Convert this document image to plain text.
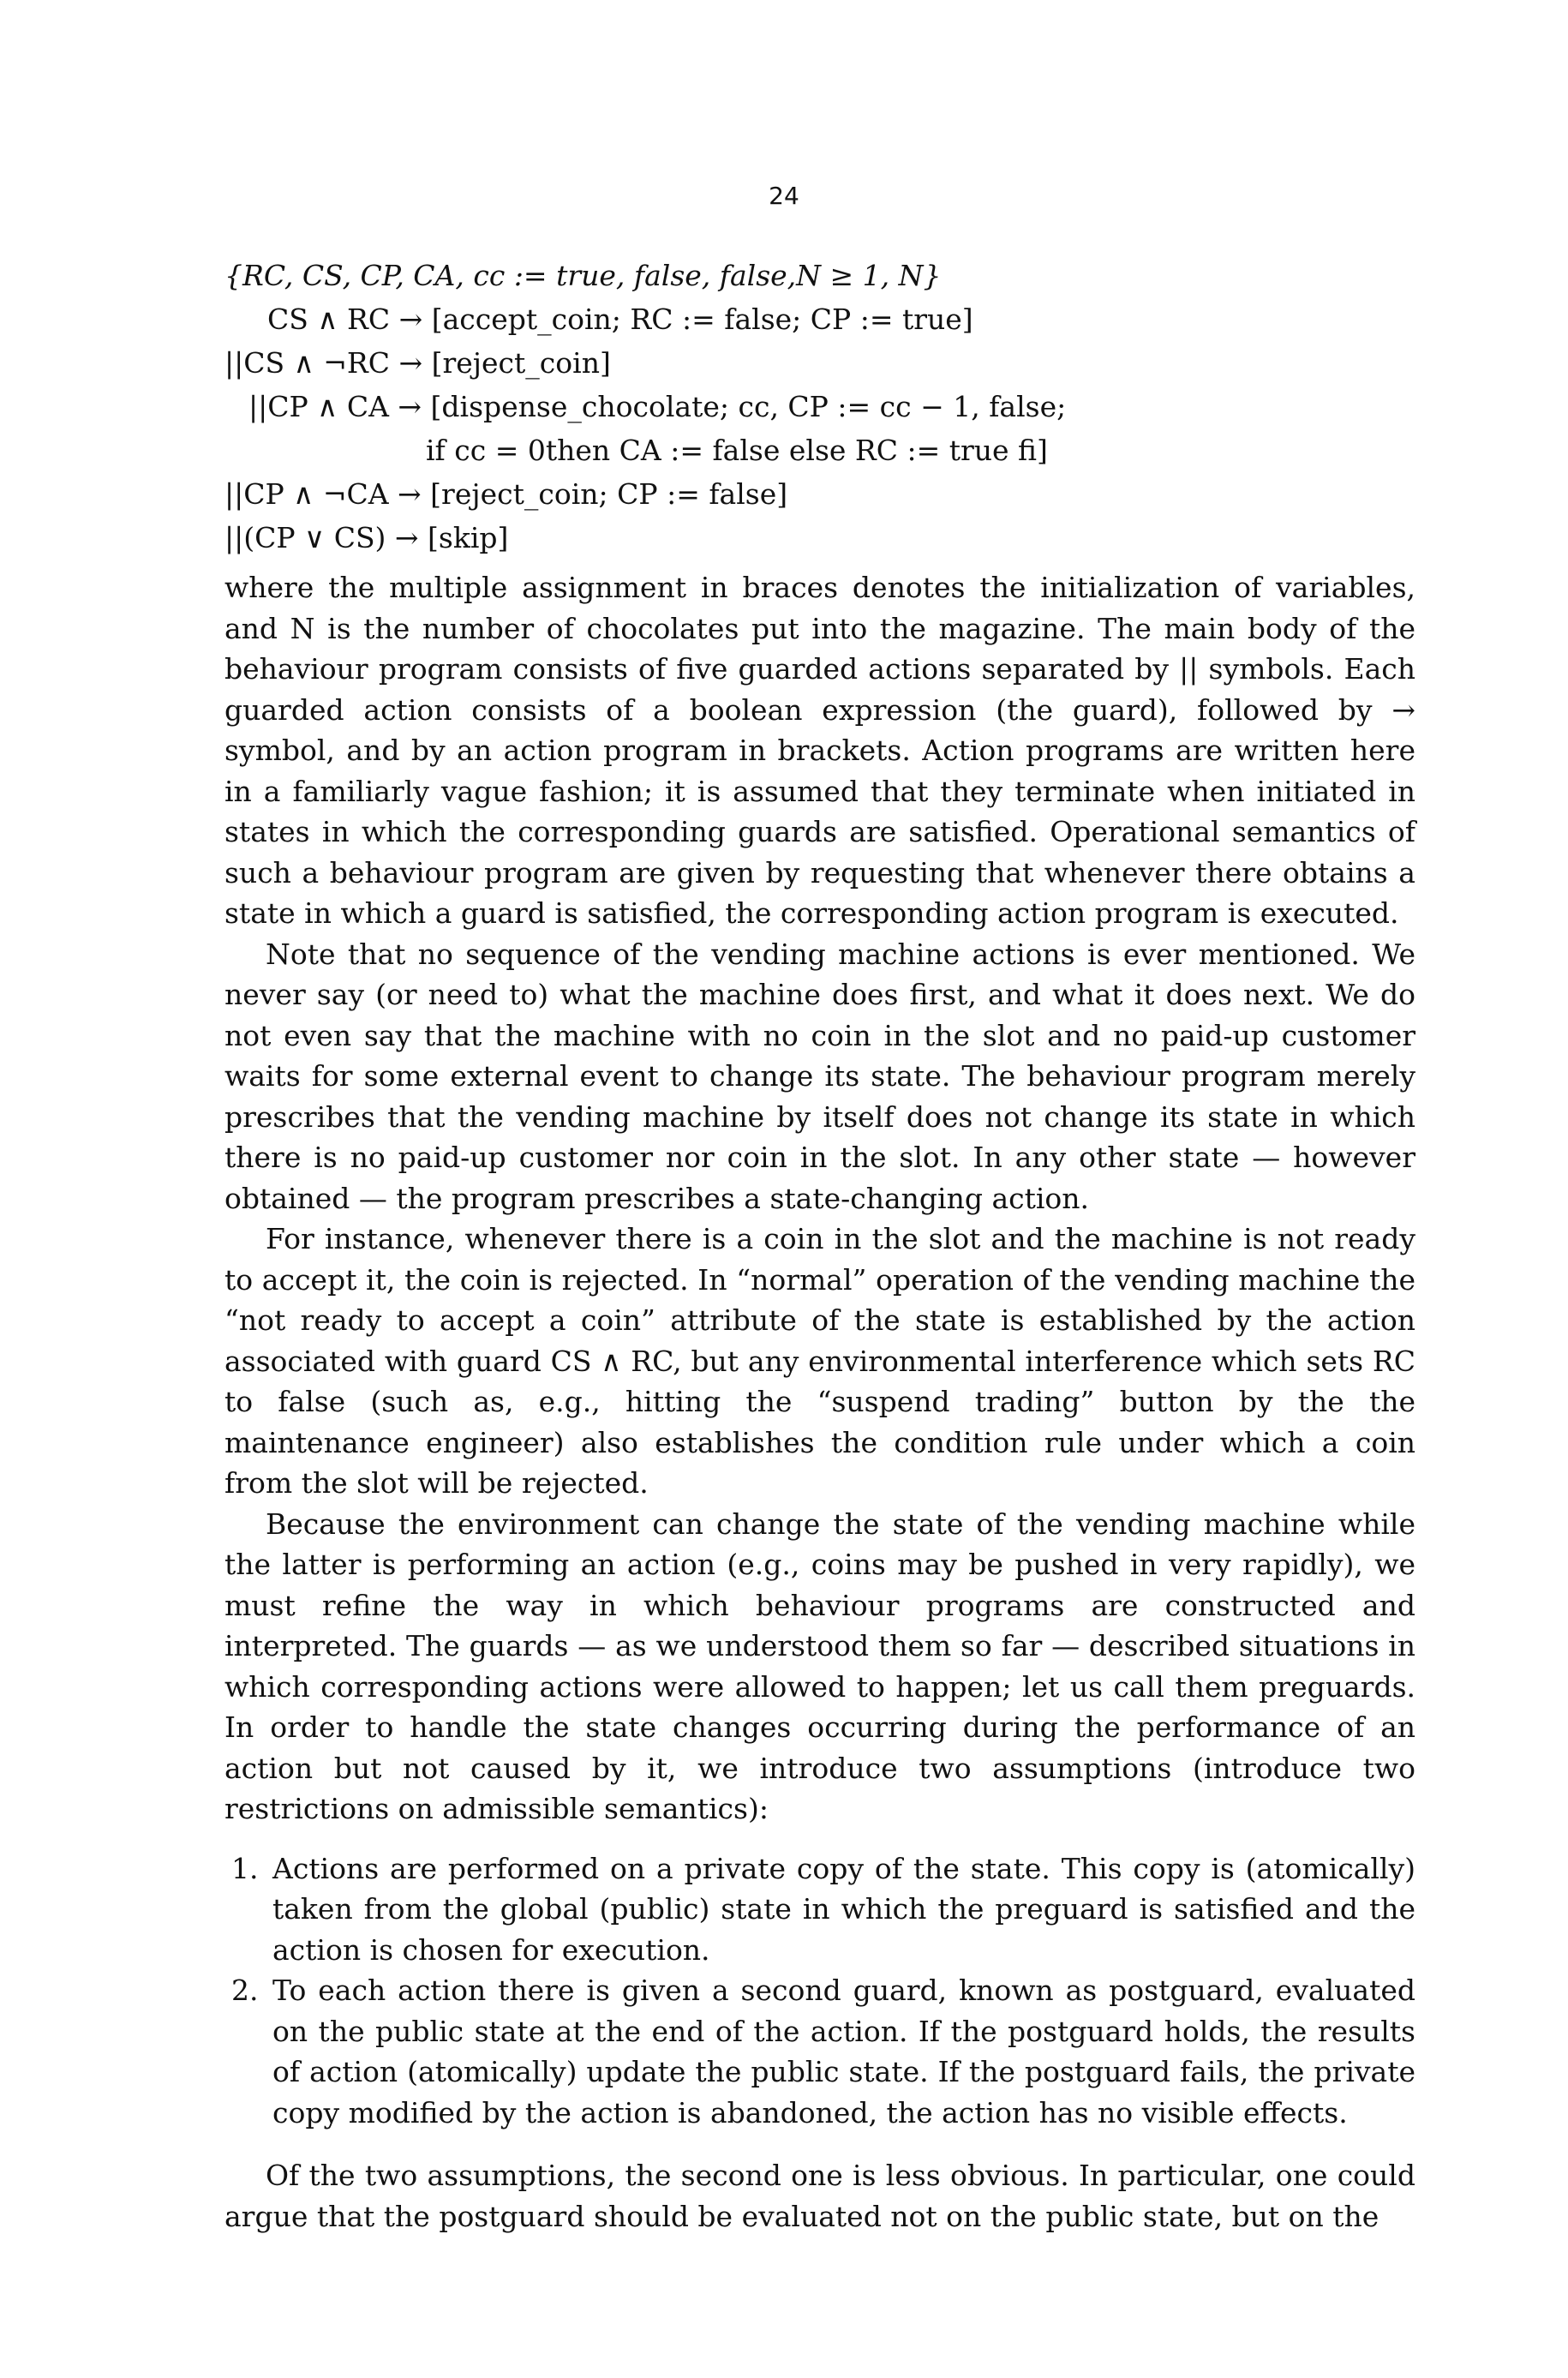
24
{RC, CS, CP, CA, cc := true, false, false,N ≥ 1, N}
CS ∧ RC → [accept_coin; RC := false; CP := true]
||CS ∧ ¬RC → [reject_coin]
||CP ∧ CA → [dispense_chocolate; cc, CP := cc − 1, false;
if cc = 0then CA := false else RC := true fi]
||CP ∧ ¬CA → [reject_coin; CP := false]
||(CP ∨ CS) → [skip]

where the multiple assignment in braces denotes the initialization of variables, and N is the number of chocolates put into the magazine. The main body of the behaviour program consists of five guarded actions separated by || symbols. Each guarded action consists of a boolean expression (the guard), followed by → symbol, and by an action program in brackets. Action programs are written here in a familiarly vague fashion; it is assumed that they terminate when initiated in states in which the corresponding guards are satisfied. Operational semantics of such a behaviour program are given by requesting that whenever there obtains a state in which a guard is satisfied, the corresponding action program is executed.

Note that no sequence of the vending machine actions is ever mentioned. We never say (or need to) what the machine does first, and what it does next. We do not even say that the machine with no coin in the slot and no paid-up customer waits for some external event to change its state. The behaviour program merely prescribes that the vending machine by itself does not change its state in which there is no paid-up customer nor coin in the slot. In any other state — however obtained — the program prescribes a state-changing action.

For instance, whenever there is a coin in the slot and the machine is not ready to accept it, the coin is rejected. In “normal” operation of the vending machine the “not ready to accept a coin” attribute of the state is established by the action associated with guard CS ∧ RC, but any environmental interference which sets RC to false (such as, e.g., hitting the “suspend trading” button by the the maintenance engineer) also establishes the condition rule under which a coin from the slot will be rejected.

Because the environment can change the state of the vending machine while the latter is performing an action (e.g., coins may be pushed in very rapidly), we must refine the way in which behaviour programs are constructed and interpreted. The guards — as we understood them so far — described situations in which corresponding actions were allowed to happen; let us call them preguards. In order to handle the state changes occurring during the performance of an action but not caused by it, we introduce two assumptions (introduce two restrictions on admissible semantics):

1. Actions are performed on a private copy of the state. This copy is (atomically) taken from the global (public) state in which the preguard is satisfied and the action is chosen for execution.
2. To each action there is given a second guard, known as postguard, evaluated on the public state at the end of the action. If the postguard holds, the results of action (atomically) update the public state. If the postguard fails, the private copy modified by the action is abandoned, the action has no visible effects.

Of the two assumptions, the second one is less obvious. In particular, one could argue that the postguard should be evaluated not on the public state, but on the
